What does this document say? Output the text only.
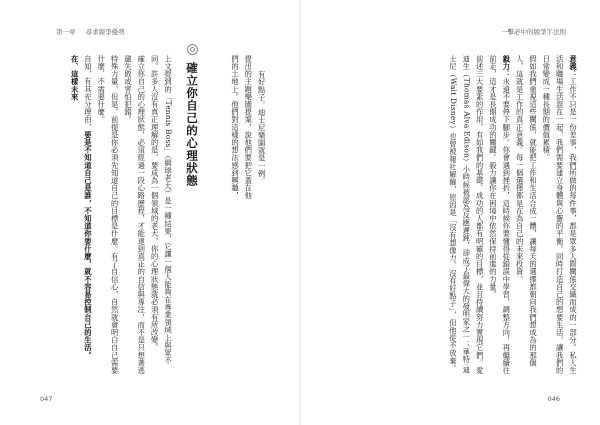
第一章 尋求競爭優勢

有好點子。迪士尼樂園就是一例。
提出的主題樂園提案，說他們要把它蓋在他
們的土地上。他們對這樣的想法感到興趣，

確立你自己的心理狀態
上文提到的「Tennis Boss」（網球老大）是一種結果，它讓一個人能夠在專業領域上與眾不同。許多人沒有真正理解的是，要成為一個領域的老大，你的心理狀態就必須有所改變。
確立你自己的心理狀態，必須經過一段心路歷程，才能達到真正的自信與專注，而不是只想著逃避失敗或害怕犯錯。
特殊力量，但是，前提是你必須先知道自己的目標是什麼。有了自信心，自然就會明白自己需要什麼、不需要什麼。
自知，有其充分理由，要是不知道自己是誰，不知道你要什麼，就不容易控制自己的生活。
在、這樣未來
047
一擊必中的競爭手法則
意義：工作不只是一份差事，我們所做的每件事，都是眾多人際關係交織而成的一部分。私人生活和職場生活混在一起，我們需要建立身體與心靈的平衡，同時打造自己的想要生活，讓我們的日常變成一種長期的價值累積。
假如我們重視這些關係，就能把工作和生活合成一體，讓每天的選擇都朝向我們想成為的那個人，這就是工作的真正意義。每一個選擇都是在為自己的未來投資。
毅力：永遠不要停下腳步。你會遇到挫折，這時候你要懂得從錯誤中學習，調整方向，再繼續往前走，這才是長期成功的關鍵。毅力讓你在困境中依然保持前進的力量。
前述三大要素的作用，有如我們的基礎。成功的人都有明確的目標，並且持續努力實現它們。愛迪生（Thomas Alva Edison）小時候被認為反應遲鈍，卻成了最偉大的發明家之一；華特·迪士尼（Walt Disney）也曾被報社解僱，原因是「沒有想像力、沒有好點子」，但他從不放棄。
046
